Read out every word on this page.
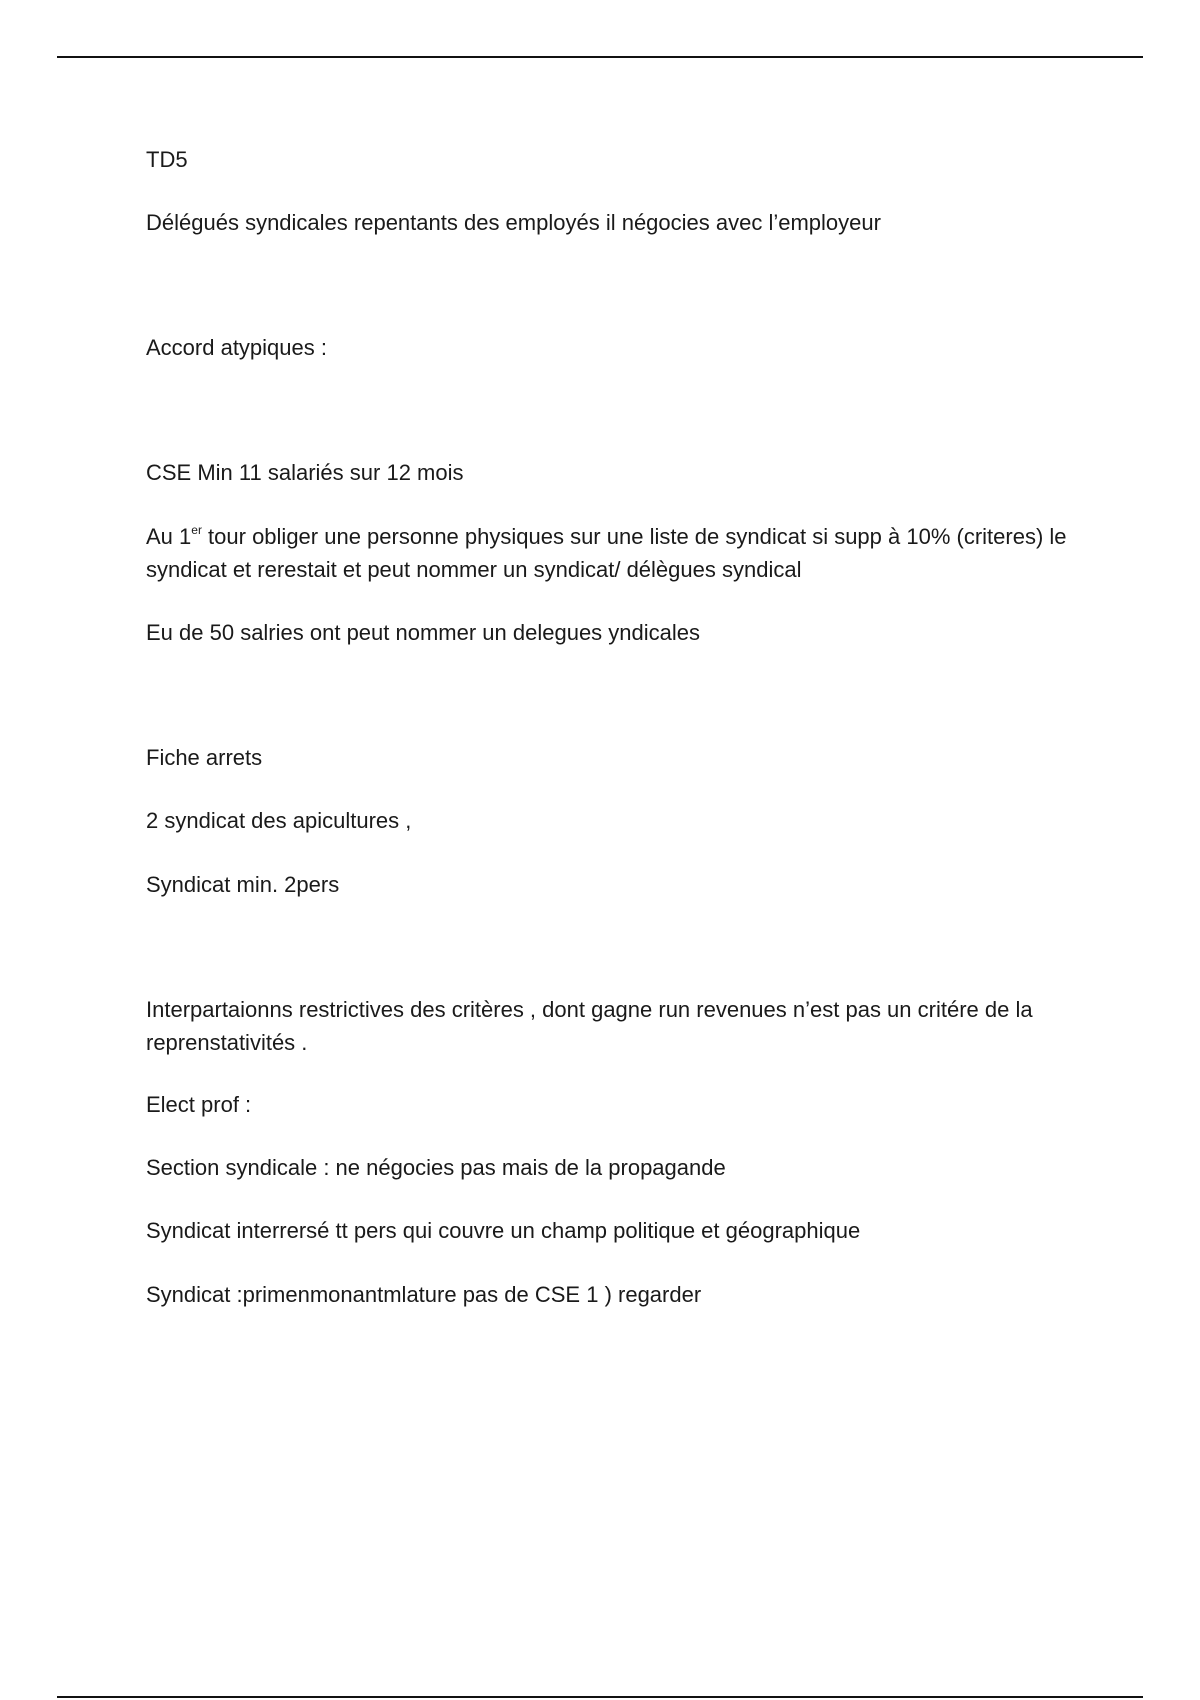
TD5

Délégués syndicales repentants des employés il négocies avec l’employeur

Accord atypiques :

CSE Min 11 salariés sur 12 mois

Au 1er tour obliger une personne physiques sur une liste de syndicat si supp à 10% (criteres) le syndicat et rerestait et peut nommer un syndicat/ délègues syndical

Eu de 50 salries ont peut nommer un delegues yndicales

Fiche arrets

2 syndicat des apicultures ,

Syndicat min. 2pers

Interpartaionns restrictives des critères , dont gagne run revenues n’est pas un critére de la reprenstativités .

Elect prof :

Section syndicale : ne négocies pas mais de la propagande

Syndicat interrersé tt pers qui couvre un champ politique et géographique

Syndicat :primenmonantmlature pas de CSE 1 ) regarder
